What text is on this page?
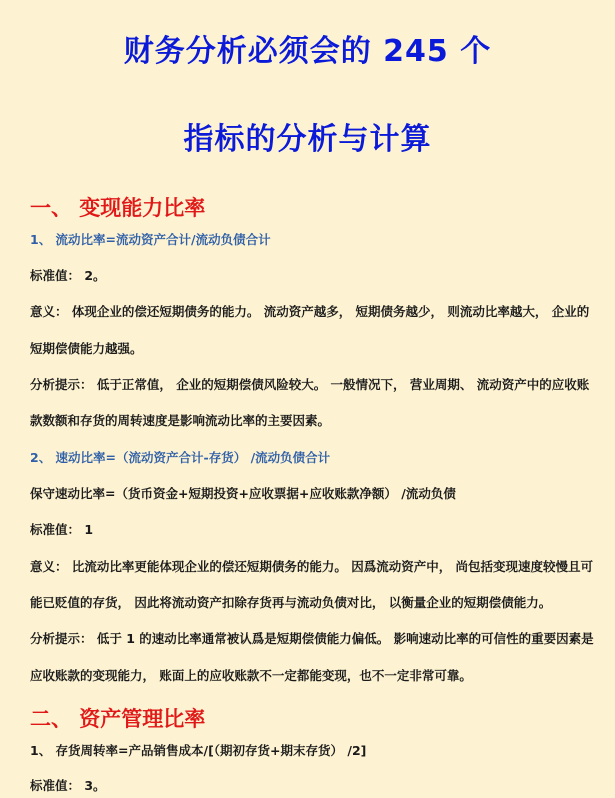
财务分析必须会的 245 个
指标的分析与计算
一、 变现能力比率
1、 流动比率=流动资产合计/流动负债合计
标准值： 2。
意义： 体现企业的偿还短期债务的能力。 流动资产越多， 短期债务越少， 则流动比率越大， 企业的
短期偿债能力越强。
分析提示： 低于正常值， 企业的短期偿债风险较大。 一般情况下， 营业周期、 流动资产中的应收账
款数额和存货的周转速度是影响流动比率的主要因素。
2、 速动比率=（流动资产合计-存货） /流动负债合计
保守速动比率=（货币资金+短期投资+应收票据+应收账款净额） /流动负债
标准值： 1
意义： 比流动比率更能体现企业的偿还短期债务的能力。 因爲流动资产中， 尚包括变现速度较慢且可
能已贬值的存货， 因此将流动资产扣除存货再与流动负债对比， 以衡量企业的短期偿债能力。
分析提示： 低于 1 的速动比率通常被认爲是短期偿债能力偏低。 影响速动比率的可信性的重要因素是
应收账款的变现能力， 账面上的应收账款不一定都能变现，也不一定非常可靠。
二、 资产管理比率
1、 存货周转率=产品销售成本/[（期初存货+期末存货） /2]
标准值： 3。
